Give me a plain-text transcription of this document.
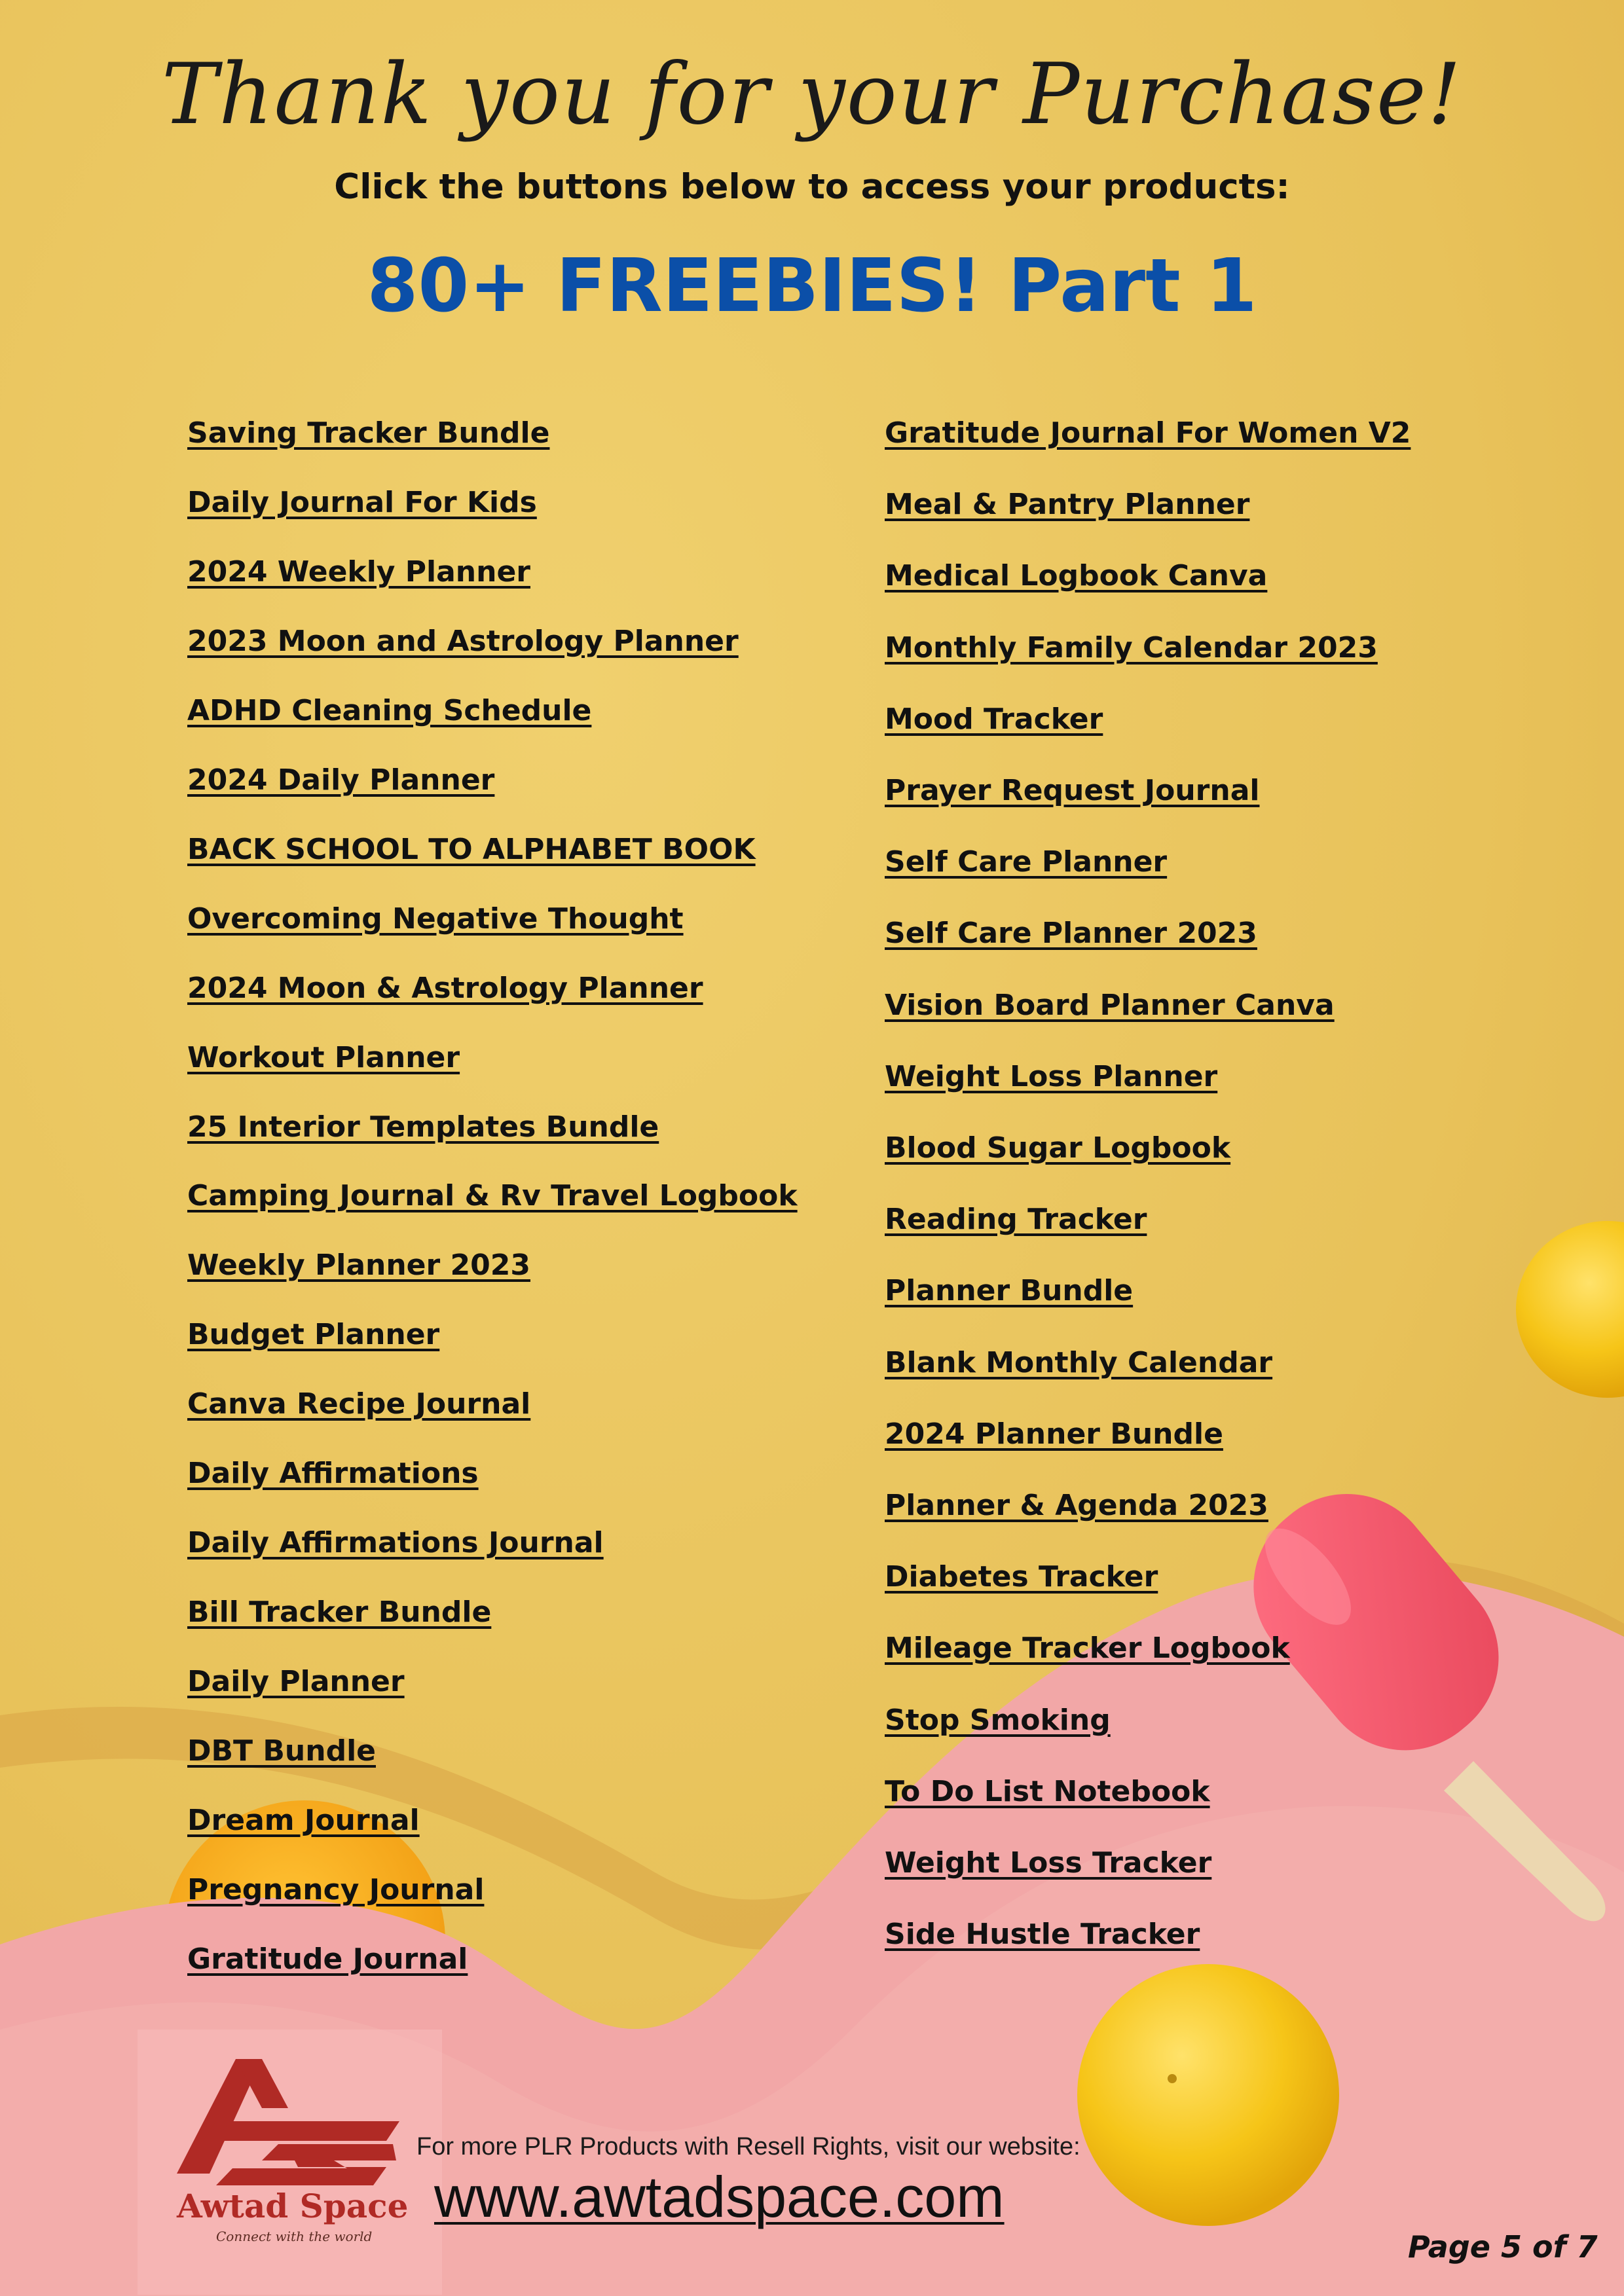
Thank you for your Purchase!
Click the buttons below to access your products:
80+ FREEBIES! Part 1
Saving Tracker Bundle
Daily Journal For Kids
2024 Weekly Planner
2023 Moon and Astrology Planner
ADHD Cleaning Schedule
2024 Daily Planner
BACK SCHOOL TO ALPHABET BOOK
Overcoming Negative Thought
2024 Moon & Astrology Planner
Workout Planner
25 Interior Templates Bundle
Camping Journal & Rv Travel Logbook
Weekly Planner 2023
Budget Planner
Canva Recipe Journal
Daily Affirmations
Daily Affirmations Journal
Bill Tracker Bundle
Daily Planner
DBT Bundle
Dream Journal
Pregnancy Journal
Gratitude Journal
Gratitude Journal For Women V2
Meal & Pantry Planner
Medical Logbook Canva
Monthly Family Calendar 2023
Mood Tracker
Prayer Request Journal
Self Care Planner
Self Care Planner 2023
Vision Board Planner Canva
Weight Loss Planner
Blood Sugar Logbook
Reading Tracker
Planner Bundle
Blank Monthly Calendar
2024 Planner Bundle
Planner & Agenda 2023
Diabetes Tracker
Mileage Tracker Logbook
Stop Smoking
To Do List Notebook
Weight Loss Tracker
Side Hustle Tracker
Awtad Space
Connect with the world
For more PLR Products with Resell Rights, visit our website:
www.awtadspace.com
Page 5 of 7
